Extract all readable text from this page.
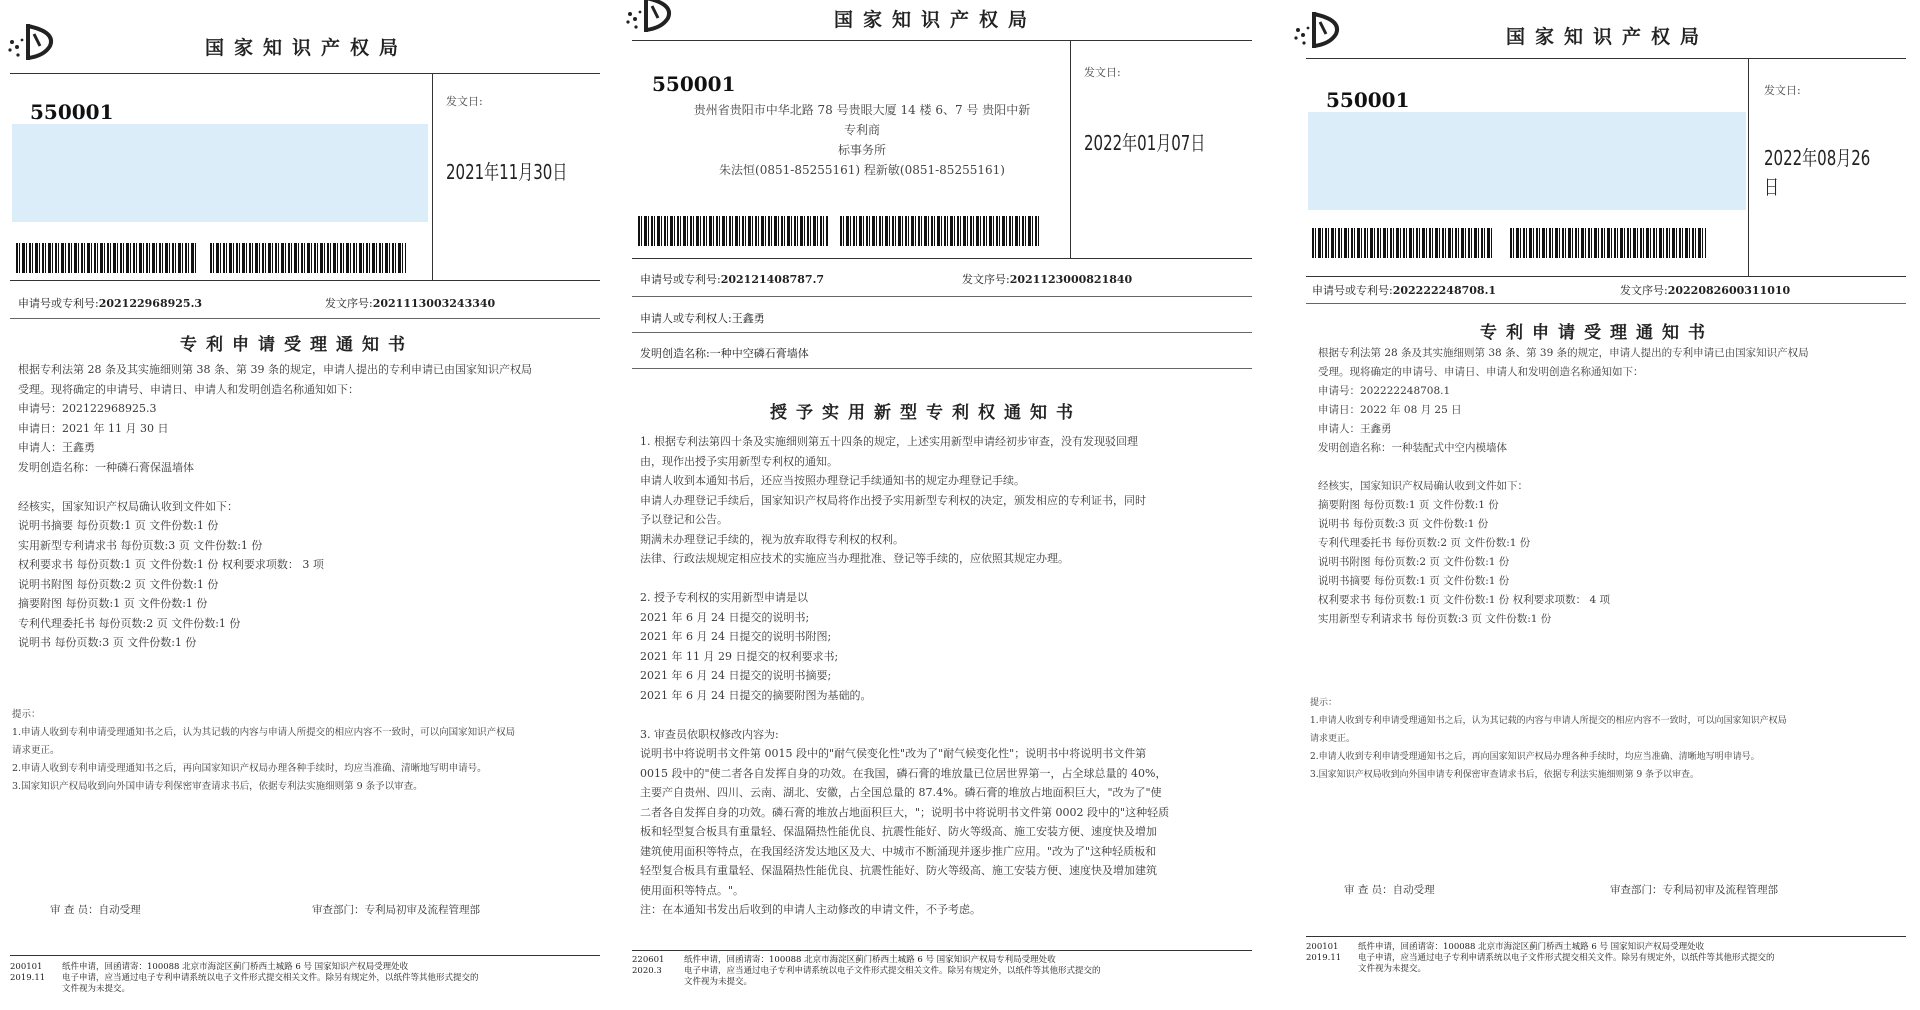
国家知识产权局
550001	发文日:
2021年11月30日
申请号或专利号:202122968925.3	发文序号:2021113003243340
专利申请受理通知书
根据专利法第 28 条及其实施细则第 38 条、第 39 条的规定，申请人提出的专利申请已由国家知识产权局
受理。现将确定的申请号、申请日、申请人和发明创造名称通知如下：
申请号：202122968925.3
申请日：2021 年 11 月 30 日
申请人：王鑫勇
发明创造名称：一种磷石膏保温墙体

经核实，国家知识产权局确认收到文件如下：
说明书摘要 每份页数:1 页 文件份数:1 份
实用新型专利请求书 每份页数:3 页 文件份数:1 份
权利要求书 每份页数:1 页 文件份数:1 份 权利要求项数： 3 项
说明书附图 每份页数:2 页 文件份数:1 份
摘要附图 每份页数:1 页 文件份数:1 份
专利代理委托书 每份页数:2 页 文件份数:1 份
说明书 每份页数:3 页 文件份数:1 份
提示：
1.申请人收到专利申请受理通知书之后，认为其记载的内容与申请人所提交的相应内容不一致时，可以向国家知识产权局
请求更正。
2.申请人收到专利申请受理通知书之后，再向国家知识产权局办理各种手续时，均应当准确、清晰地写明申请号。
3.国家知识产权局收到向外国申请专利保密审查请求书后，依据专利法实施细则第 9 条予以审查。
审 查 员：自动受理	审查部门：专利局初审及流程管理部
200101
2019.11
纸件申请，回函请寄：100088 北京市海淀区蓟门桥西土城路 6 号 国家知识产权局受理处收
电子申请，应当通过电子专利申请系统以电子文件形式提交相关文件。除另有规定外，以纸件等其他形式提交的
文件视为未提交。
国家知识产权局
550001
贵州省贵阳市中华北路 78 号贵眼大厦 14 楼 6、7 号 贵阳中新专利商
标事务所
朱法恒(0851-85255161) 程新敏(0851-85255161)
发文日:
2022年01月07日
申请号或专利号:202121408787.7	发文序号:2021123000821840
申请人或专利权人:王鑫勇
发明创造名称:一种中空磷石膏墙体
授予实用新型专利权通知书
1. 根据专利法第四十条及实施细则第五十四条的规定，上述实用新型申请经初步审查，没有发现驳回理
由，现作出授予实用新型专利权的通知。
申请人收到本通知书后，还应当按照办理登记手续通知书的规定办理登记手续。
申请人办理登记手续后，国家知识产权局将作出授予实用新型专利权的决定，颁发相应的专利证书，同时
予以登记和公告。
期满未办理登记手续的，视为放弃取得专利权的权利。
法律、行政法规规定相应技术的实施应当办理批准、登记等手续的，应依照其规定办理。

2. 授予专利权的实用新型申请是以
2021 年 6 月 24 日提交的说明书;
2021 年 6 月 24 日提交的说明书附图;
2021 年 11 月 29 日提交的权利要求书;
2021 年 6 月 24 日提交的说明书摘要;
2021 年 6 月 24 日提交的摘要附图为基础的。

3. 审查员依职权修改内容为:
说明书中将说明书文件第 0015 段中的"耐气侯变化性"改为了"耐气候变化性"；说明书中将说明书文件第
0015 段中的"使二者各自发挥自身的功效。在我国，磷石膏的堆放量已位居世界第一，占全球总量的 40%，
主要产自贵州、四川、云南、湖北、安徽，占全国总量的 87.4%。磷石膏的堆放占地面积巨大，"改为了"使
二者各自发挥自身的功效。磷石膏的堆放占地面积巨大，"；说明书中将说明书文件第 0002 段中的"这种轻质
板和轻型复合板具有重量轻、保温隔热性能优良、抗震性能好、防火等级高、施工安装方便、速度快及增加
建筑使用面积等特点，在我国经济发达地区及大、中城市不断涌现并逐步推广应用。"改为了"这种轻质板和
轻型复合板具有重量轻、保温隔热性能优良、抗震性能好、防火等级高、施工安装方便、速度快及增加建筑
使用面积等特点。"。
注：在本通知书发出后收到的申请人主动修改的申请文件，不予考虑。
220601
2020.3
纸件申请，回函请寄：100088 北京市海淀区蓟门桥西土城路 6 号 国家知识产权局专利局受理处收
电子申请，应当通过电子专利申请系统以电子文件形式提交相关文件。除另有规定外，以纸件等其他形式提交的
文件视为未提交。
国家知识产权局
550001	发文日:
2022年08月26日
申请号或专利号:202222248708.1	发文序号:2022082600311010
专利申请受理通知书
根据专利法第 28 条及其实施细则第 38 条、第 39 条的规定，申请人提出的专利申请已由国家知识产权局
受理。现将确定的申请号、申请日、申请人和发明创造名称通知如下：
申请号：202222248708.1
申请日：2022 年 08 月 25 日
申请人：王鑫勇
发明创造名称：一种装配式中空内模墙体

经核实，国家知识产权局确认收到文件如下：
摘要附图 每份页数:1 页 文件份数:1 份
说明书 每份页数:3 页 文件份数:1 份
专利代理委托书 每份页数:2 页 文件份数:1 份
说明书附图 每份页数:2 页 文件份数:1 份
说明书摘要 每份页数:1 页 文件份数:1 份
权利要求书 每份页数:1 页 文件份数:1 份 权利要求项数： 4 项
实用新型专利请求书 每份页数:3 页 文件份数:1 份
提示：
1.申请人收到专利申请受理通知书之后，认为其记载的内容与申请人所提交的相应内容不一致时，可以向国家知识产权局
请求更正。
2.申请人收到专利申请受理通知书之后，再向国家知识产权局办理各种手续时，均应当准确、清晰地写明申请号。
3.国家知识产权局收到向外国申请专利保密审查请求书后，依据专利法实施细则第 9 条予以审查。
审 查 员：自动受理	审查部门：专利局初审及流程管理部
200101
2019.11
纸件申请，回函请寄：100088 北京市海淀区蓟门桥西土城路 6 号 国家知识产权局受理处收
电子申请，应当通过电子专利申请系统以电子文件形式提交相关文件。除另有规定外，以纸件等其他形式提交的
文件视为未提交。
